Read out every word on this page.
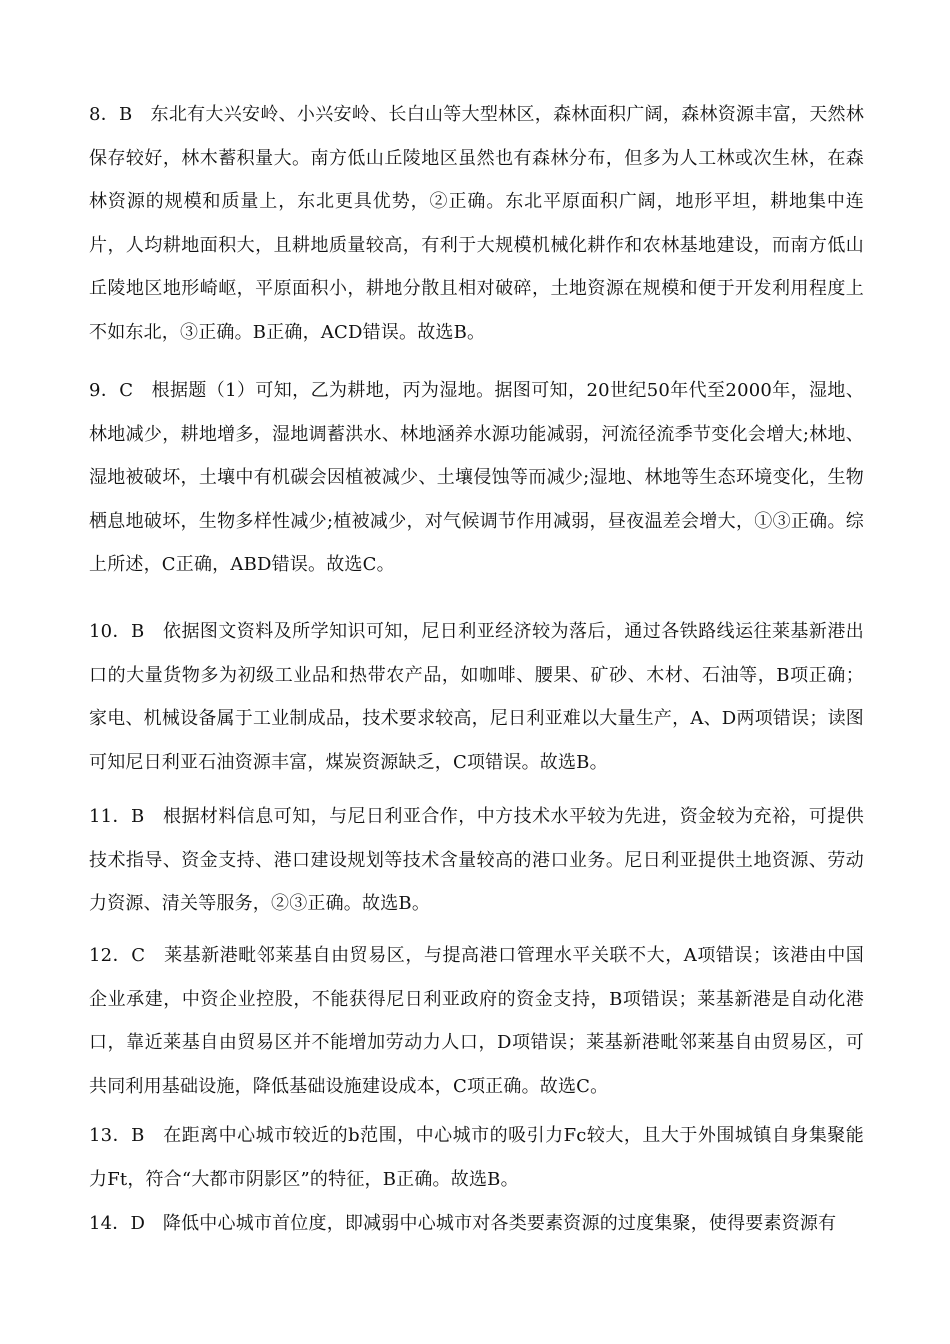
8．B 东北有大兴安岭、小兴安岭、长白山等大型林区，森林面积广阔，森林资源丰富，天然林保存较好，林木蓄积量大。南方低山丘陵地区虽然也有森林分布，但多为人工林或次生林，在森林资源的规模和质量上，东北更具优势，②正确。东北平原面积广阔，地形平坦，耕地集中连片，人均耕地面积大，且耕地质量较高，有利于大规模机械化耕作和农林基地建设，而南方低山丘陵地区地形崎岖，平原面积小，耕地分散且相对破碎，土地资源在规模和便于开发利用程度上不如东北，③正确。B正确，ACD错误。故选B。

9．C 根据题（1）可知，乙为耕地，丙为湿地。据图可知，20世纪50年代至2000年，湿地、林地减少，耕地增多，湿地调蓄洪水、林地涵养水源功能减弱，河流径流季节变化会增大;林地、湿地被破坏，土壤中有机碳会因植被减少、土壤侵蚀等而减少;湿地、林地等生态环境变化，生物栖息地破坏，生物多样性减少;植被减少，对气候调节作用减弱，昼夜温差会增大，①③正确。综上所述，C正确，ABD错误。故选C。

10．B 依据图文资料及所学知识可知，尼日利亚经济较为落后，通过各铁路线运往莱基新港出口的大量货物多为初级工业品和热带农产品，如咖啡、腰果、矿砂、木材、石油等，B项正确；家电、机械设备属于工业制成品，技术要求较高，尼日利亚难以大量生产，A、D两项错误；读图可知尼日利亚石油资源丰富，煤炭资源缺乏，C项错误。故选B。

11．B 根据材料信息可知，与尼日利亚合作，中方技术水平较为先进，资金较为充裕，可提供技术指导、资金支持、港口建设规划等技术含量较高的港口业务。尼日利亚提供土地资源、劳动力资源、清关等服务，②③正确。故选B。

12．C 莱基新港毗邻莱基自由贸易区，与提高港口管理水平关联不大，A项错误；该港由中国企业承建，中资企业控股，不能获得尼日利亚政府的资金支持，B项错误；莱基新港是自动化港口，靠近莱基自由贸易区并不能增加劳动力人口，D项错误；莱基新港毗邻莱基自由贸易区，可共同利用基础设施，降低基础设施建设成本，C项正确。故选C。

13．B 在距离中心城市较近的b范围，中心城市的吸引力Fc较大，且大于外围城镇自身集聚能力Ft，符合“大都市阴影区”的特征，B正确。故选B。

14．D 降低中心城市首位度，即减弱中心城市对各类要素资源的过度集聚，使得要素资源有
